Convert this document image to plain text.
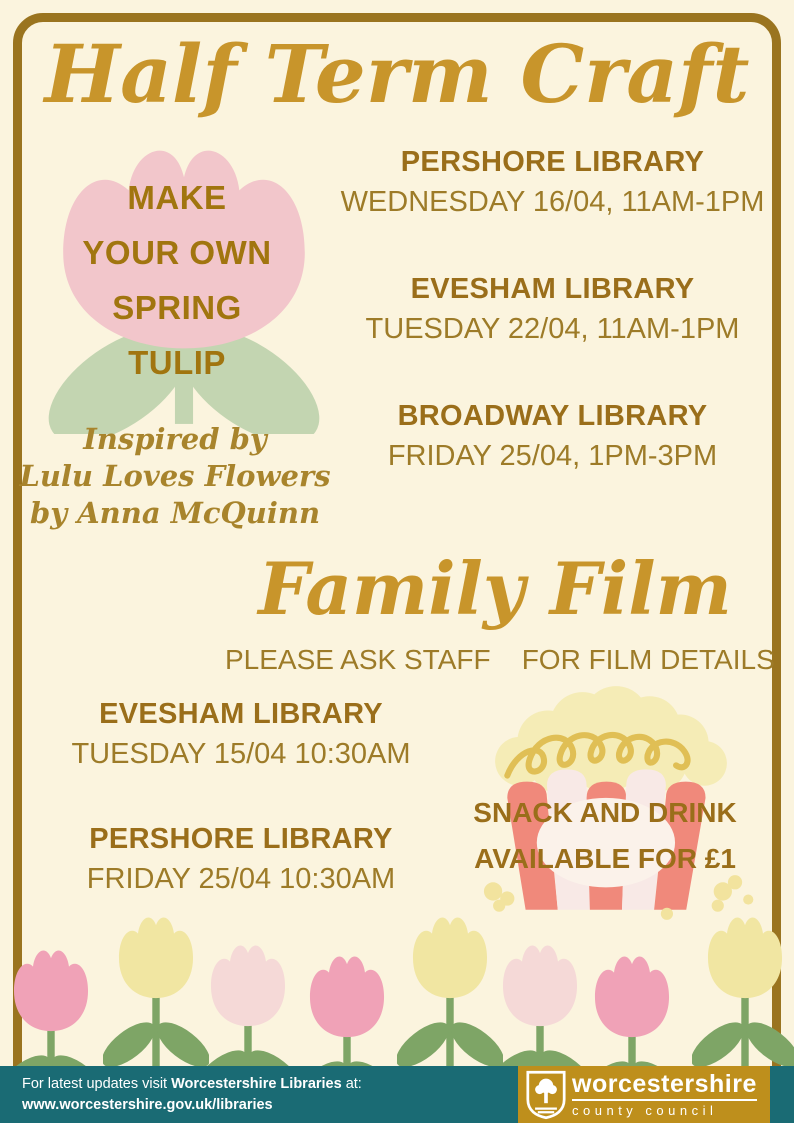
Half Term Craft
MAKE
YOUR OWN
SPRING
TULIP
Inspired by
Lulu Loves Flowers
by Anna McQuinn
PERSHORE LIBRARY
WEDNESDAY 16/04, 11AM-1PM
EVESHAM LIBRARY
TUESDAY 22/04, 11AM-1PM
BROADWAY LIBRARY
FRIDAY 25/04, 1PM-3PM
Family Film
PLEASE ASK STAFF    FOR FILM DETAILS
EVESHAM LIBRARY
TUESDAY 15/04 10:30AM
PERSHORE LIBRARY
FRIDAY 25/04 10:30AM
SNACK AND DRINK
AVAILABLE FOR £1
For latest updates visit Worcestershire Libraries at:
www.worcestershire.gov.uk/libraries
worcestershire
county council
